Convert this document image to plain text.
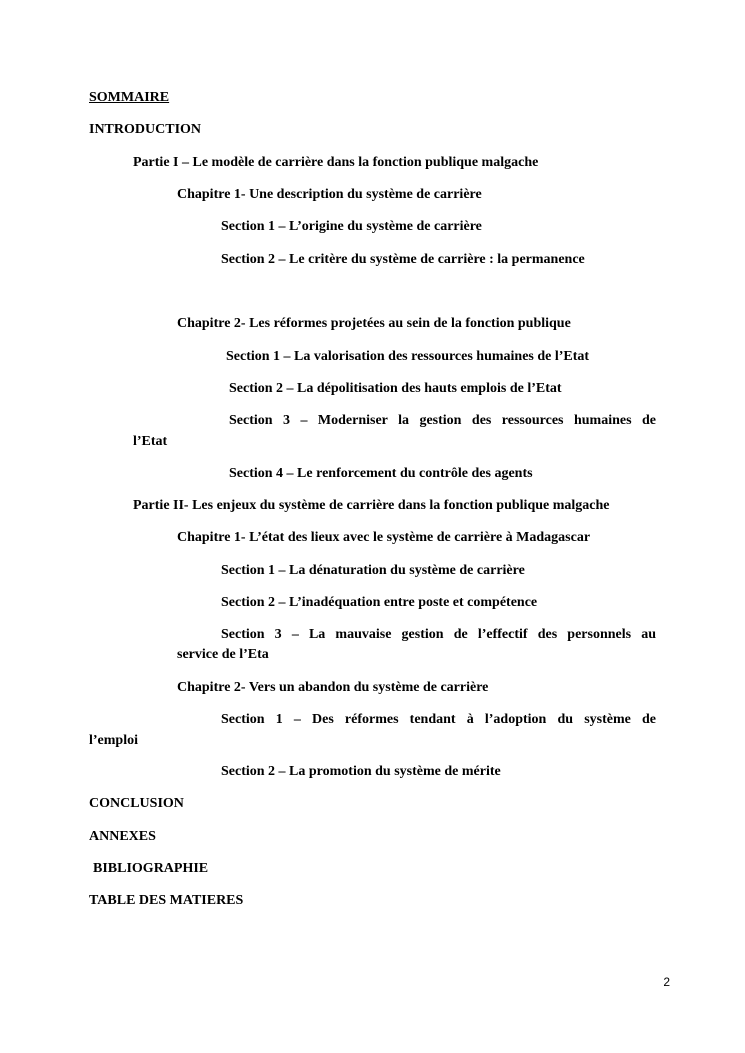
SOMMAIRE
INTRODUCTION
Partie I – Le modèle de carrière dans la fonction publique malgache
Chapitre 1- Une description du système de carrière
Section 1 – L’origine du système de carrière
Section 2 – Le critère du système de carrière : la permanence
Chapitre 2- Les réformes projetées au sein de la fonction publique
Section 1 – La valorisation des ressources humaines de l’Etat
Section 2 – La dépolitisation des hauts emplois de l’Etat
Section 3 – Moderniser la gestion des ressources humaines de
l’Etat
Section 4 – Le renforcement du contrôle des agents
Partie II- Les enjeux du système de carrière dans la fonction publique malgache
Chapitre 1- L’état des lieux avec le système de carrière à Madagascar
Section 1 – La dénaturation du système de carrière
Section 2 – L’inadéquation entre poste et compétence
Section 3 – La mauvaise gestion de l’effectif des personnels au
service de l’Eta
Chapitre 2- Vers un abandon du système de carrière
Section 1 – Des réformes tendant à l’adoption du système de
l’emploi
Section 2 – La promotion du système de mérite
CONCLUSION
ANNEXES
BIBLIOGRAPHIE
TABLE DES MATIERES
2
